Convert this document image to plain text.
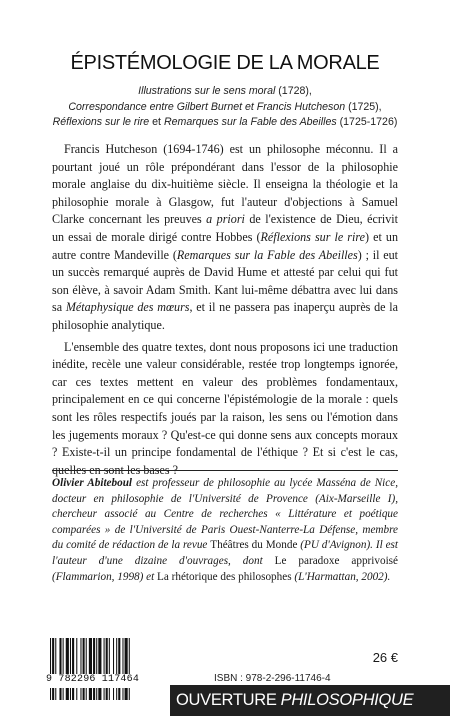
ÉPISTÉMOLOGIE DE LA MORALE
Illustrations sur le sens moral (1728),
Correspondance entre Gilbert Burnet et Francis Hutcheson (1725),
Réflexions sur le rire et Remarques sur la Fable des Abeilles (1725-1726)

Francis Hutcheson (1694-1746) est un philosophe méconnu. Il a pourtant joué un rôle prépondérant dans l'essor de la philosophie morale anglaise du dix-huitième siècle. Il enseigna la théologie et la philosophie morale à Glasgow, fut l'auteur d'objections à Samuel Clarke concernant les preuves a priori de l'existence de Dieu, écrivit un essai de morale dirigé contre Hobbes (Réflexions sur le rire) et un autre contre Mandeville (Remarques sur la Fable des Abeilles) ; il eut un succès remarqué auprès de David Hume et attesté par celui qui fut son élève, à savoir Adam Smith. Kant lui-même débattra avec lui dans sa Métaphysique des mœurs, et il ne passera pas inaperçu auprès de la philosophie analytique.

L'ensemble des quatre textes, dont nous proposons ici une traduction inédite, recèle une valeur considérable, restée trop longtemps ignorée, car ces textes mettent en valeur des problèmes fondamentaux, principalement en ce qui concerne l'épistémologie de la morale : quels sont les rôles respectifs joués par la raison, les sens ou l'émotion dans les jugements moraux ? Qu'est-ce qui donne sens aux concepts moraux ? Existe-t-il un principe fondamental de l'éthique ? Et si c'est le cas, quelles en sont les bases ?

Olivier Abiteboul est professeur de philosophie au lycée Masséna de Nice, docteur en philosophie de l'Université de Provence (Aix-Marseille I), chercheur associé au Centre de recherches « Littérature et poétique comparées » de l'Université de Paris Ouest-Nanterre-La Défense, membre du comité de rédaction de la revue Théâtres du Monde (PU d'Avignon). Il est l'auteur d'une dizaine d'ouvrages, dont Le paradoxe apprivoisé (Flammarion, 1998) et La rhétorique des philosophes (L'Harmattan, 2002).
9 782296 117464
26 €
ISBN : 978-2-296-11746-4
OUVERTURE PHILOSOPHIQUE
